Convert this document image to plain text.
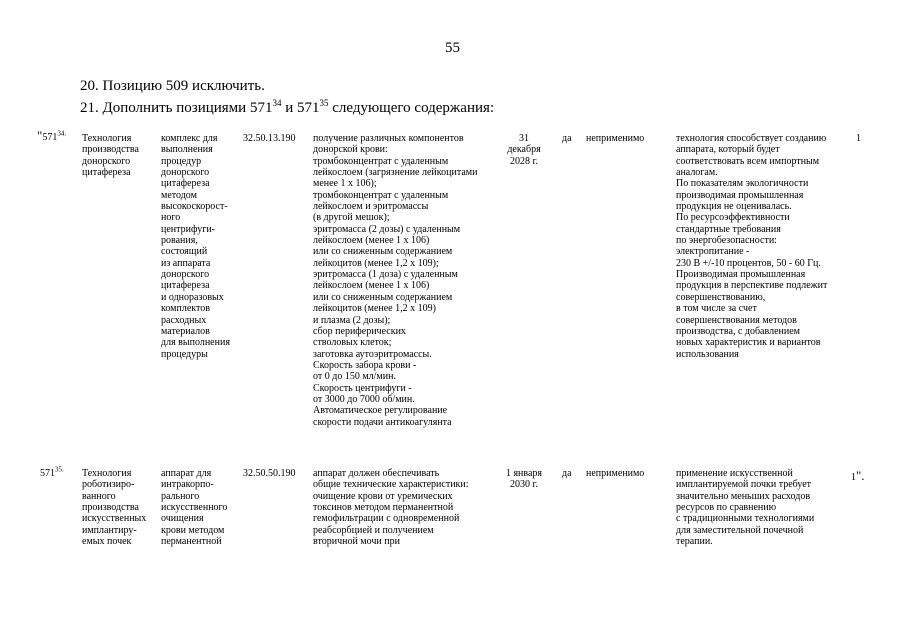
55
20. Позицию 509 исключить.
21. Дополнить позициями $571^{34}$ и $571^{35}$ следующего содержания:
"$571^{34.}$ Технология
производства
донорского
цитафереза
комплекс для
выполнения
процедур
донорского
цитафереза
методом
высокоскорост-
ного
центрифуги-
рования,
состоящий
из аппарата
донорского
цитафереза
и одноразовых
комплектов
расходных
материалов
для выполнения
процедуры
32.50.13.190 получение различных компонентов
донорской крови:
тромбоконцентрат с удаленным
лейкослоем (загрязнение лейкоцитами
менее 1 х 106);
тромбоконцентрат с удаленным
лейкослоем и эритромассы
(в другой мешок);
эритромасса (2 дозы) с удаленным
лейкослоем (менее 1 х 106)
или со сниженным содержанием
лейкоцитов (менее 1,2 х 109);
эритромасса (1 доза) с удаленным
лейкослоем (менее 1 х 106)
или со сниженным содержанием
лейкоцитов (менее 1,2 х 109)
и плазма (2 дозы);
сбор периферических
стволовых клеток;
заготовка аутоэритромассы.
Скорость забора крови -
от 0 до 150 мл/мин.
Скорость центрифуги -
от 3000 до 7000 об/мин.
Автоматическое регулирование
скорости подачи антикоагулянта
31
декабря
2028 г.
да неприменимо	технология способствует созданию
аппарата, который будет
соответствовать всем импортным
аналогам.
По показателям экологичности
производимая промышленная
продукция не оценивалась.
По ресурсоэффективности
стандартные требования
по энергобезопасности:
электропитание -
230 В +/-10 процентов, 50 - 60 Гц.
Производимая промышленная
продукция в перспективе подлежит
совершенствованию,
в том числе за счет
совершенствования методов
производства, с добавлением
новых характеристик и вариантов
использования
1
$571^{35.}$ Технология
роботизиро-
ванного
производства
искусственных
имплантиру-
емых почек
аппарат для
интракорпо-
рального
искусственного
очищения
крови методом
перманентной
32.50.50.190 аппарат должен обеспечивать
общие технические характеристики:
очищение крови от уремических
токсинов методом перманентной
гемофильтрации с одновременной
реабсорбцией и получением
вторичной мочи при
1 января
2030 г.
да неприменимо	применение искусственной
имплантируемой почки требует
значительно меньших расходов
ресурсов по сравнению
с традиционными технологиями
для заместительной почечной
терапии.
1".
